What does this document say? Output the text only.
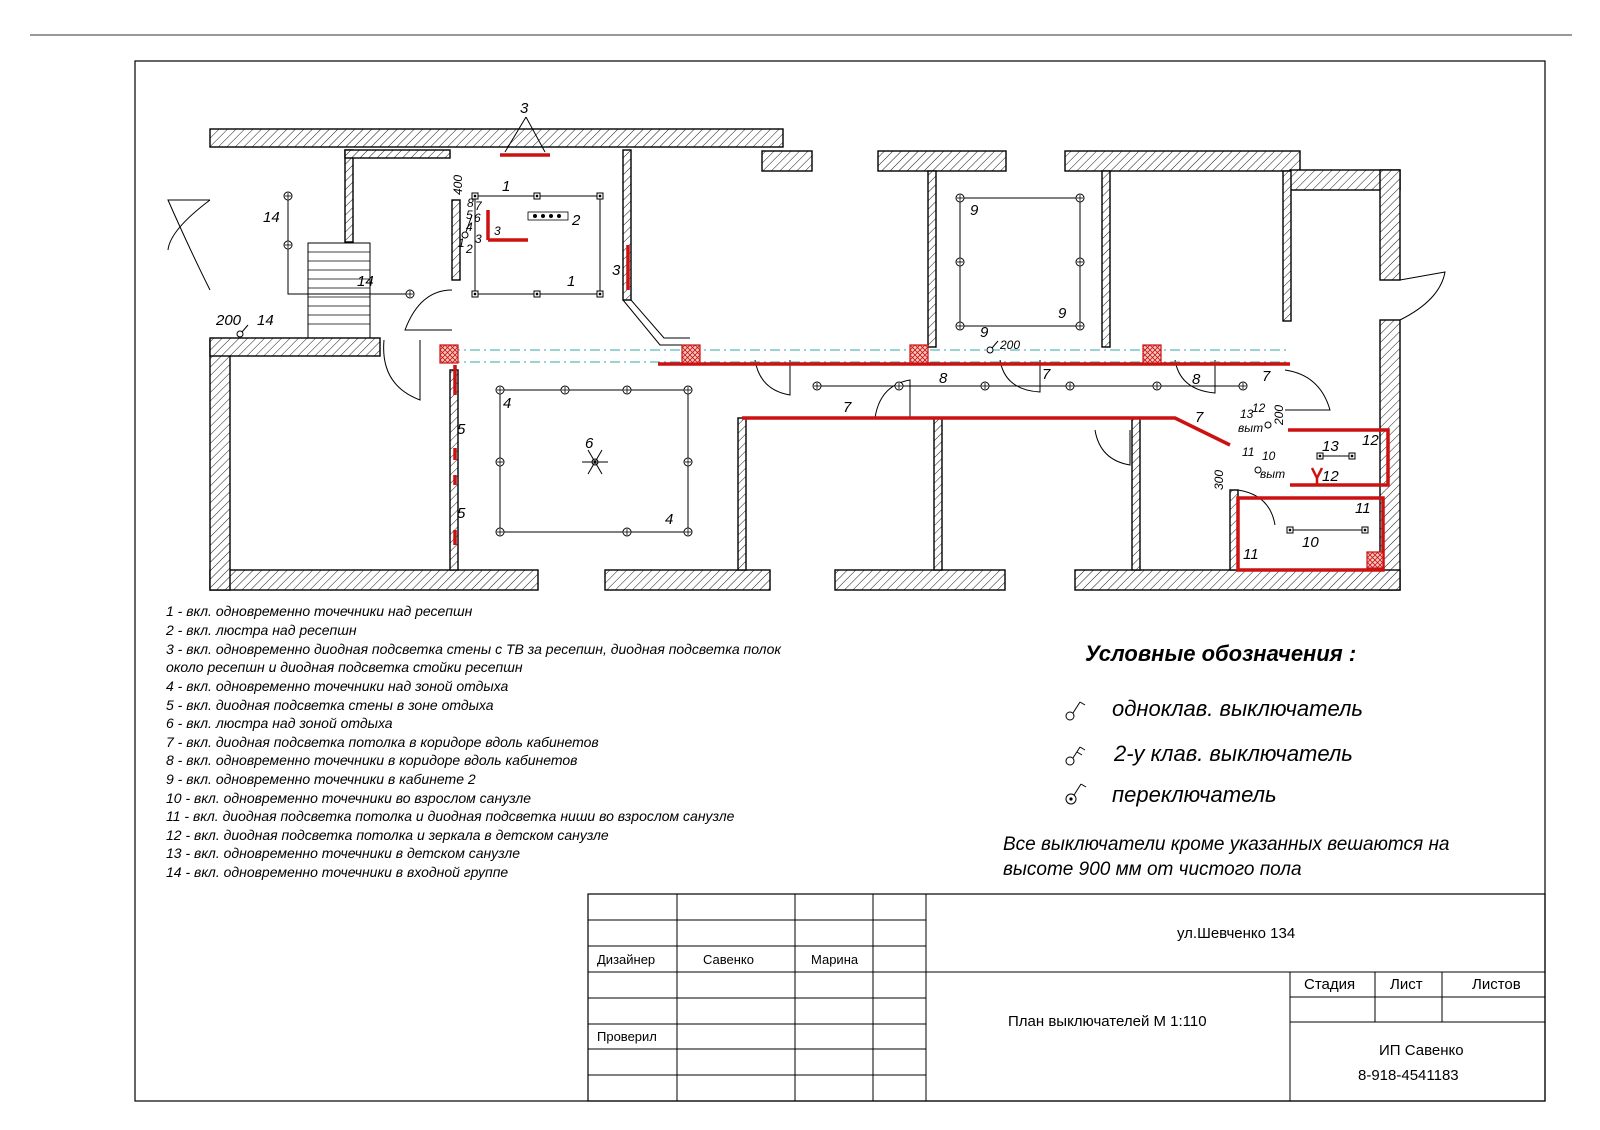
3
14
14
200 14
1
2
1
3
3
400
8 7
5 6
4
3
1 2
4
4
5
5
6
9
9
9
200
8	8
7	7
7
7
12
13
выт
200
11 10
выт
300
13 12
12
11
10
11
1 - вкл. одновременно точечники над ресепшн
2 - вкл. люстра над ресепшн
3 - вкл. одновременно диодная подсветка стены с ТВ за ресепшн, диодная подсветка полок
около ресепшн и диодная подсветка стойки ресепшн
4 - вкл. одновременно точечники над зоной отдыха
5 - вкл. диодная подсветка стены в зоне отдыха
6 - вкл. люстра над зоной отдыха
7 - вкл. диодная подсветка потолка в коридоре вдоль кабинетов
8 - вкл. одновременно точечники в коридоре вдоль кабинетов
9 - вкл. одновременно точечники в кабинете 2
10 - вкл. одновременно точечники во взрослом санузле
11 - вкл. диодная подсветка потолка и диодная подсветка ниши во взрослом санузле
12 - вкл. диодная подсветка потолка и зеркала в детском санузле
13 - вкл. одновременно точечники в детском санузле
14 - вкл. одновременно точечники в входной группе
Условные обозначения :
одноклав. выключатель
2-у клав. выключатель
переключатель
Все выключатели кроме указанных вешаются на
высоте 900 мм от чистого пола
ул.Шевченко 134
Дизайнер	Савенко	Марина
Проверил
Стадия Лист	Листов
План выключателей М 1:110
ИП Савенко
8-918-4541183
